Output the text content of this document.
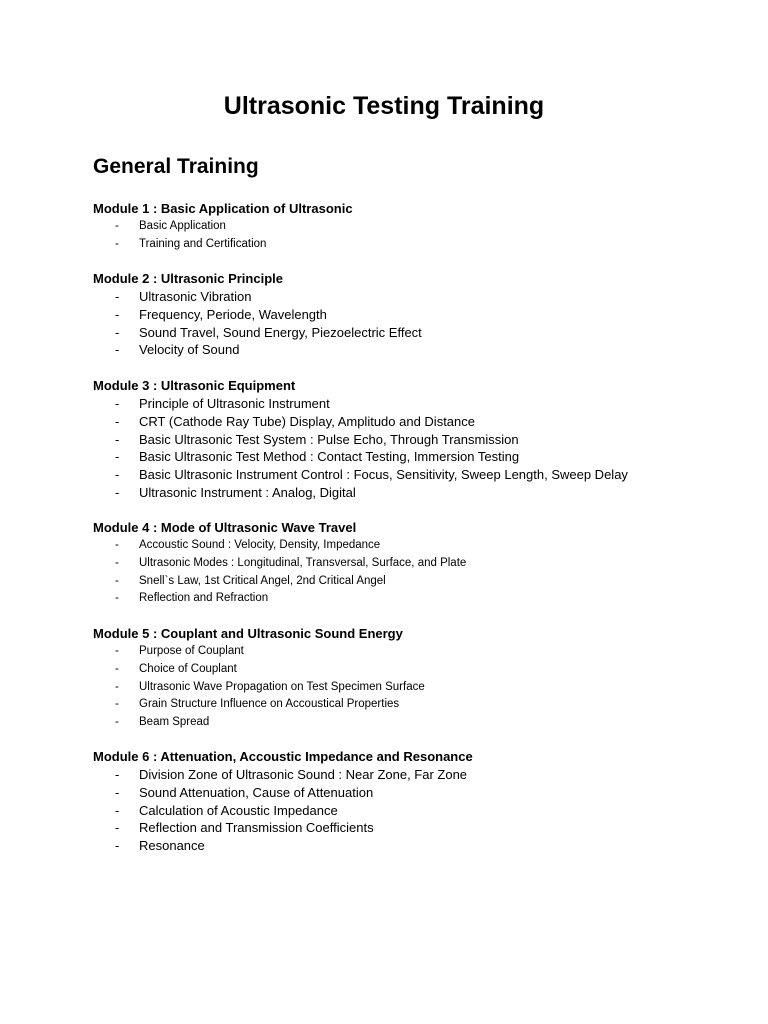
Ultrasonic Testing Training
General Training
Module 1 : Basic Application of Ultrasonic
- Basic Application
- Training and Certification
Module 2 : Ultrasonic Principle
- Ultrasonic Vibration
- Frequency, Periode, Wavelength
- Sound Travel, Sound Energy, Piezoelectric Effect
- Velocity of Sound
Module 3 : Ultrasonic Equipment
- Principle of Ultrasonic Instrument
- CRT (Cathode Ray Tube) Display, Amplitudo and Distance
- Basic Ultrasonic Test System : Pulse Echo, Through Transmission
- Basic Ultrasonic Test Method : Contact Testing, Immersion Testing
- Basic Ultrasonic Instrument Control : Focus, Sensitivity, Sweep Length, Sweep Delay
- Ultrasonic Instrument : Analog, Digital
Module 4 : Mode of Ultrasonic Wave Travel
- Accoustic Sound : Velocity, Density, Impedance
- Ultrasonic Modes : Longitudinal, Transversal, Surface, and Plate
- Snell`s Law, 1st Critical Angel, 2nd Critical Angel
- Reflection and Refraction
Module 5 : Couplant and Ultrasonic Sound Energy
- Purpose of Couplant
- Choice of Couplant
- Ultrasonic Wave Propagation on Test Specimen Surface
- Grain Structure Influence on Accoustical Properties
- Beam Spread
Module 6 : Attenuation, Accoustic Impedance and Resonance
- Division Zone of Ultrasonic Sound : Near Zone, Far Zone
- Sound Attenuation, Cause of Attenuation
- Calculation of Acoustic Impedance
- Reflection and Transmission Coefficients
- Resonance
